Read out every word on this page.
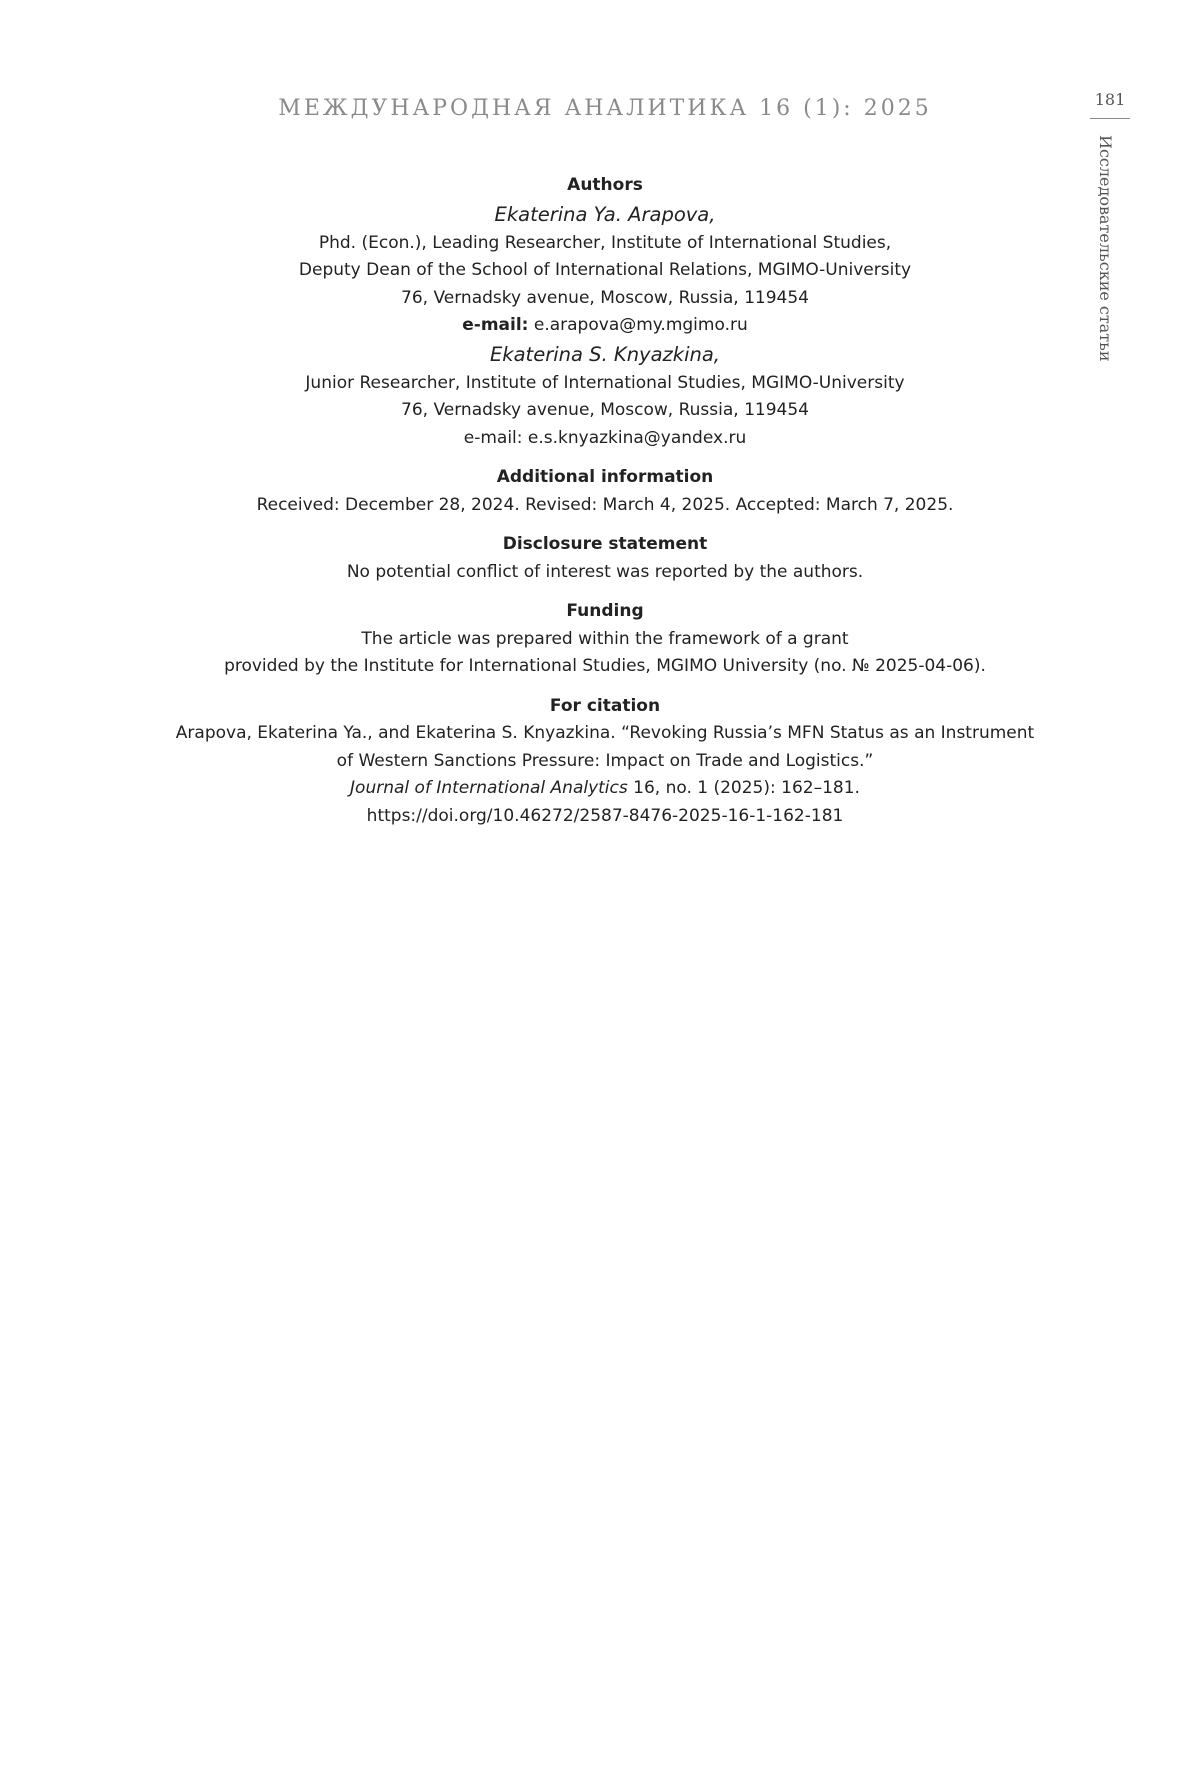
МЕЖДУНАРОДНАЯ АНАЛИТИКА 16 (1): 2025	181
Исследовательские статьи
Authors
Ekaterina Ya. Arapova,
Phd. (Econ.), Leading Researcher, Institute of International Studies,
Deputy Dean of the School of International Relations, MGIMO-University
76, Vernadsky avenue, Moscow, Russia, 119454
e-mail: e.arapova@my.mgimo.ru
Ekaterina S. Knyazkina,
Junior Researcher, Institute of International Studies, MGIMO-University
76, Vernadsky avenue, Moscow, Russia, 119454
e-mail: e.s.knyazkina@yandex.ru
Additional information
Received: December 28, 2024. Revised: March 4, 2025. Accepted: March 7, 2025.
Disclosure statement
No potential conflict of interest was reported by the authors.
Funding
The article was prepared within the framework of a grant
provided by the Institute for International Studies, MGIMO University (no. № 2025-04-06).
For citation
Arapova, Ekaterina Ya., and Ekaterina S. Knyazkina. “Revoking Russia’s MFN Status as an Instrument
of Western Sanctions Pressure: Impact on Trade and Logistics.”
Journal of International Analytics 16, no. 1 (2025): 162–181.
https://doi.org/10.46272/2587-8476-2025-16-1-162-181
